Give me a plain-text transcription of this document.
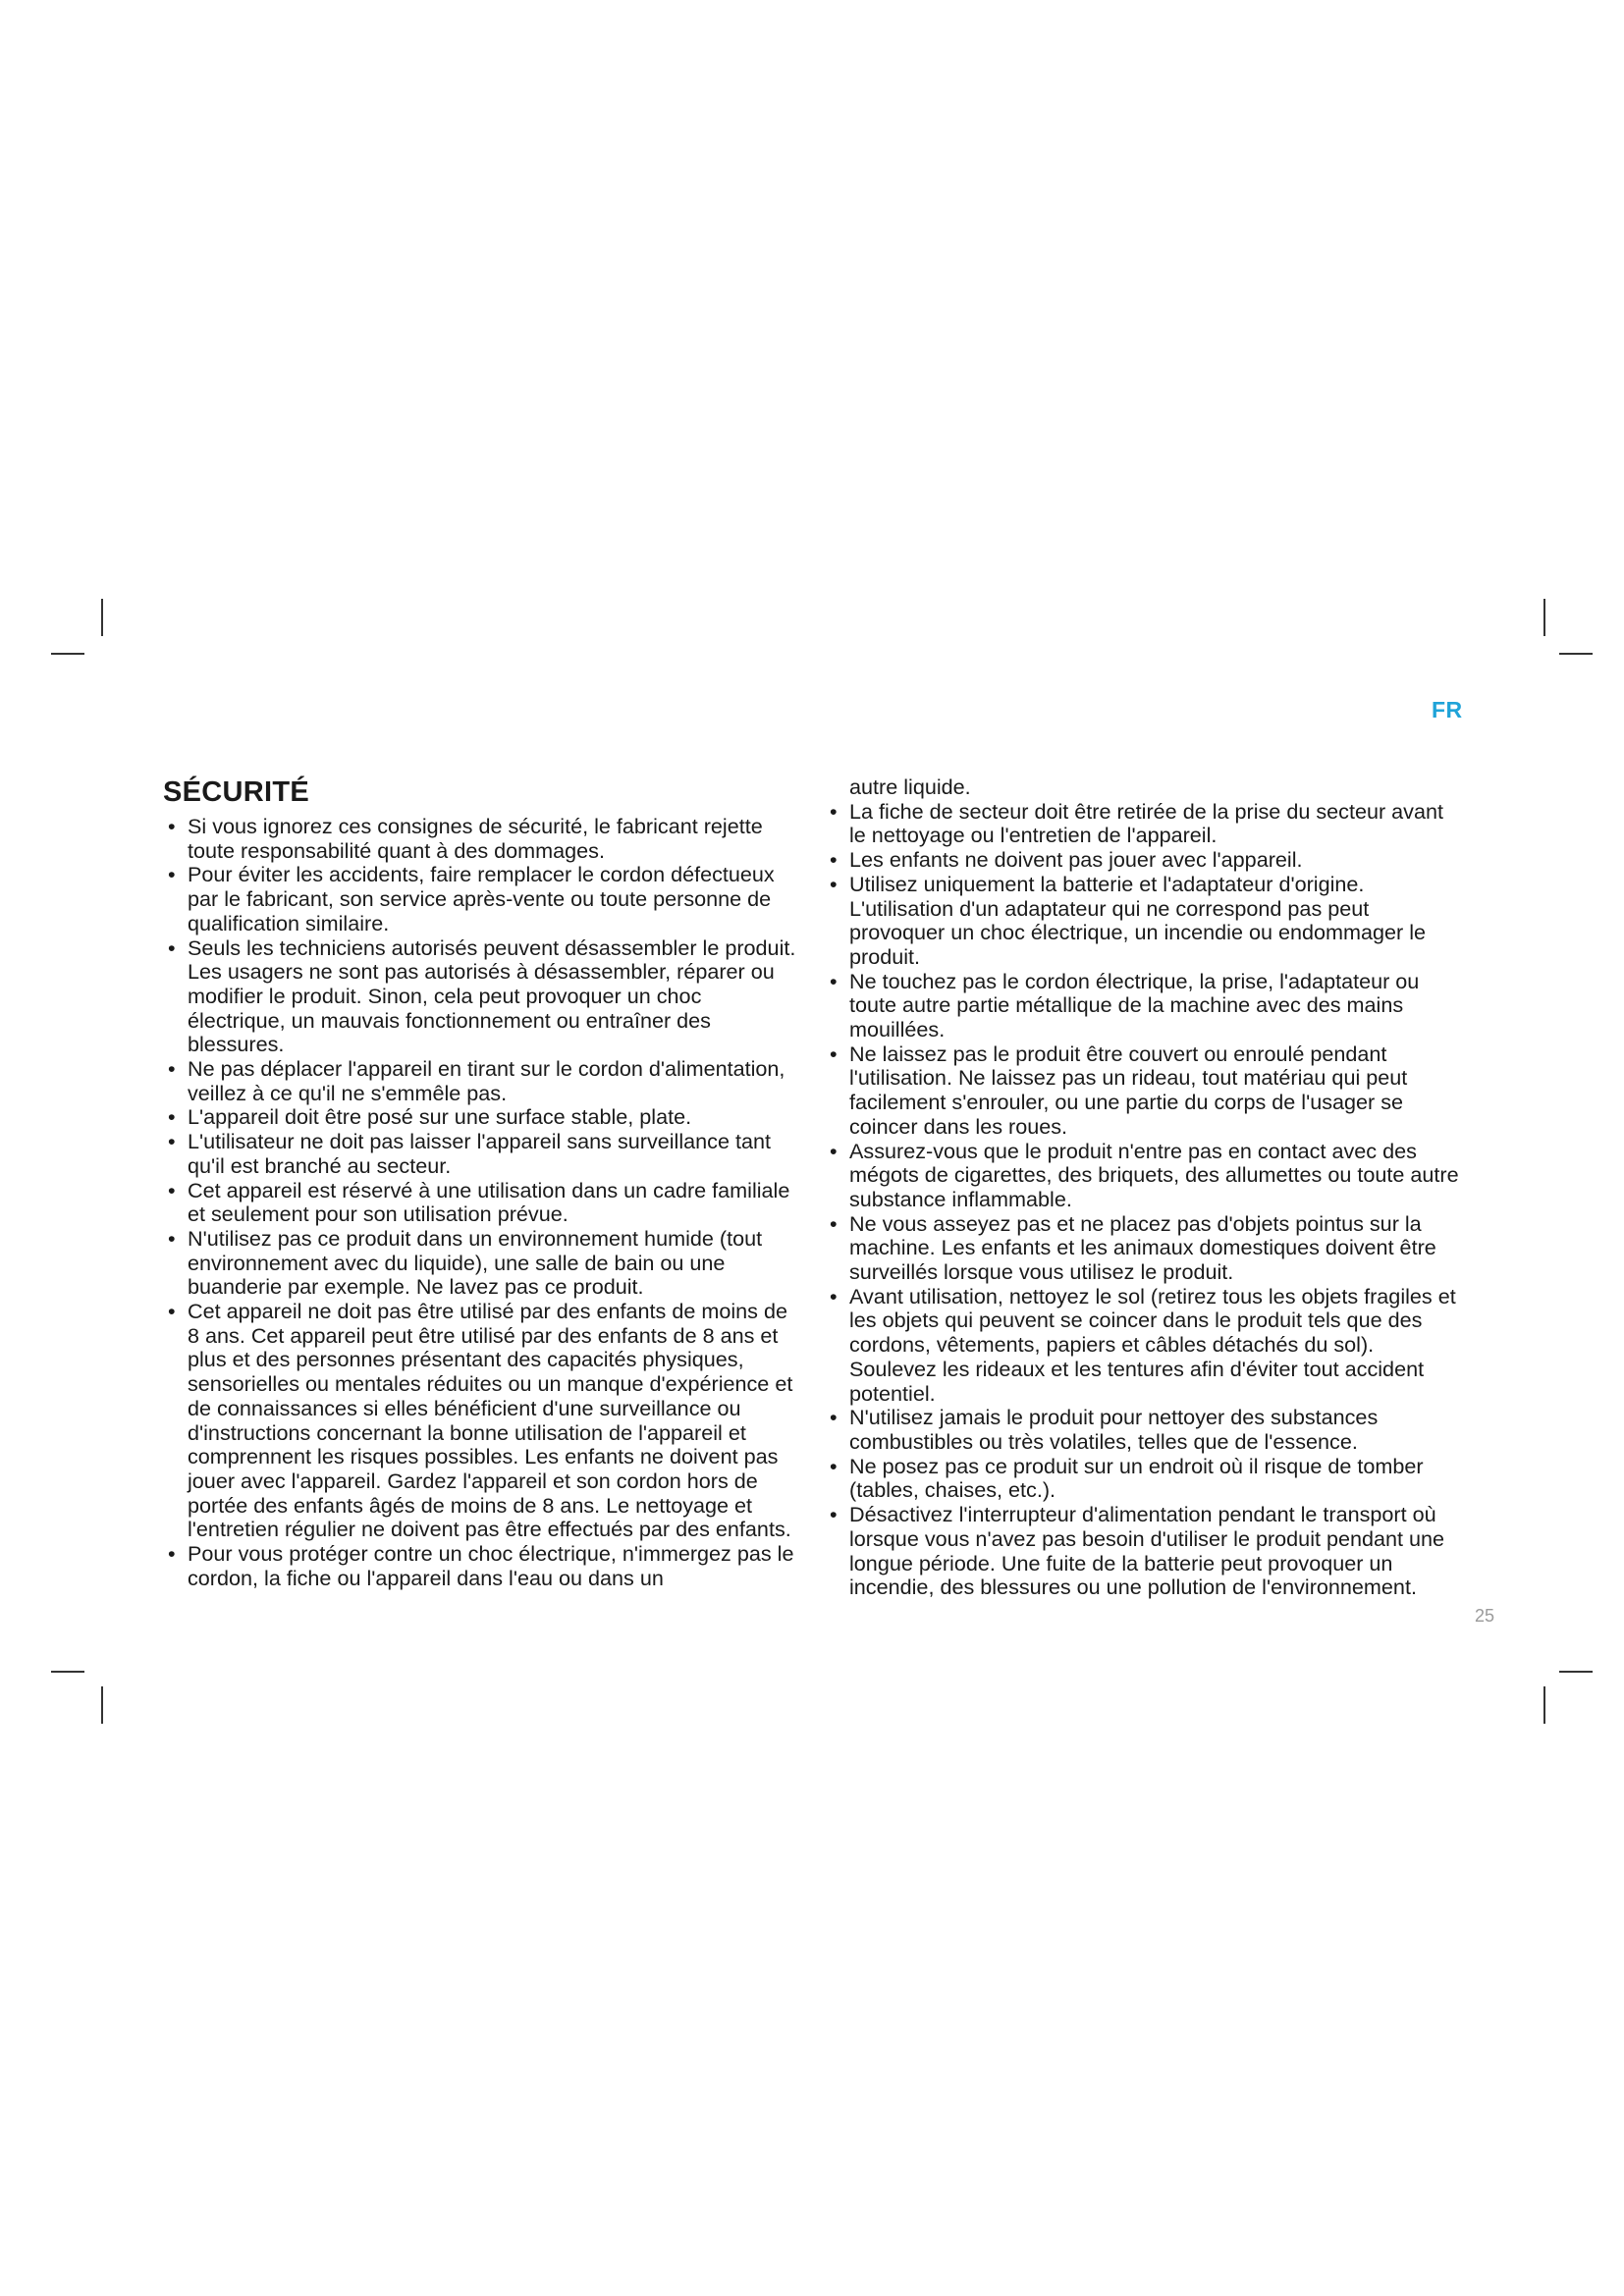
FR
SÉCURITÉ
• Si vous ignorez ces consignes de sécurité, le fabricant rejette toute responsabilité quant à des dommages.
• Pour éviter les accidents, faire remplacer le cordon défectueux par le fabricant, son service après-vente ou toute personne de qualification similaire.
• Seuls les techniciens autorisés peuvent désassembler le produit. Les usagers ne sont pas autorisés à désassembler, réparer ou modifier le produit. Sinon, cela peut provoquer un choc électrique, un mauvais fonctionnement ou entraîner des blessures.
• Ne pas déplacer l'appareil en tirant sur le cordon d'alimentation, veillez à ce qu'il ne s'emmêle pas.
• L'appareil doit être posé sur une surface stable, plate.
• L'utilisateur ne doit pas laisser l'appareil sans surveillance tant qu'il est branché au secteur.
• Cet appareil est réservé à une utilisation dans un cadre familiale et seulement pour son utilisation prévue.
• N'utilisez pas ce produit dans un environnement humide (tout environnement avec du liquide), une salle de bain ou une buanderie par exemple. Ne lavez pas ce produit.
• Cet appareil ne doit pas être utilisé par des enfants de moins de 8 ans. Cet appareil peut être utilisé par des enfants de 8 ans et plus et des personnes présentant des capacités physiques, sensorielles ou mentales réduites ou un manque d'expérience et de connaissances si elles bénéficient d'une surveillance ou d'instructions concernant la bonne utilisation de l'appareil et comprennent les risques possibles. Les enfants ne doivent pas jouer avec l'appareil. Gardez l'appareil et son cordon hors de portée des enfants âgés de moins de 8 ans. Le nettoyage et l'entretien régulier ne doivent pas être effectués par des enfants.
• Pour vous protéger contre un choc électrique, n'immergez pas le cordon, la fiche ou l'appareil dans l'eau ou dans un
autre liquide.
• La fiche de secteur doit être retirée de la prise du secteur avant le nettoyage ou l'entretien de l'appareil.
• Les enfants ne doivent pas jouer avec l'appareil.
• Utilisez uniquement la batterie et l'adaptateur d'origine. L'utilisation d'un adaptateur qui ne correspond pas peut provoquer un choc électrique, un incendie ou endommager le produit.
• Ne touchez pas le cordon électrique, la prise, l'adaptateur ou toute autre partie métallique de la machine avec des mains mouillées.
• Ne laissez pas le produit être couvert ou enroulé pendant l'utilisation. Ne laissez pas un rideau, tout matériau qui peut facilement s'enrouler, ou une partie du corps de l'usager se coincer dans les roues.
• Assurez-vous que le produit n'entre pas en contact avec des mégots de cigarettes, des briquets, des allumettes ou toute autre substance inflammable.
• Ne vous asseyez pas et ne placez pas d'objets pointus sur la machine. Les enfants et les animaux domestiques doivent être surveillés lorsque vous utilisez le produit.
• Avant utilisation, nettoyez le sol (retirez tous les objets fragiles et les objets qui peuvent se coincer dans le produit tels que des cordons, vêtements, papiers et câbles détachés du sol). Soulevez les rideaux et les tentures afin d'éviter tout accident potentiel.
• N'utilisez jamais le produit pour nettoyer des substances combustibles ou très volatiles, telles que de l'essence.
• Ne posez pas ce produit sur un endroit où il risque de tomber (tables, chaises, etc.).
• Désactivez l'interrupteur d'alimentation pendant le transport où lorsque vous n'avez pas besoin d'utiliser le produit pendant une longue période. Une fuite de la batterie peut provoquer un incendie, des blessures ou une pollution de l'environnement.
25
